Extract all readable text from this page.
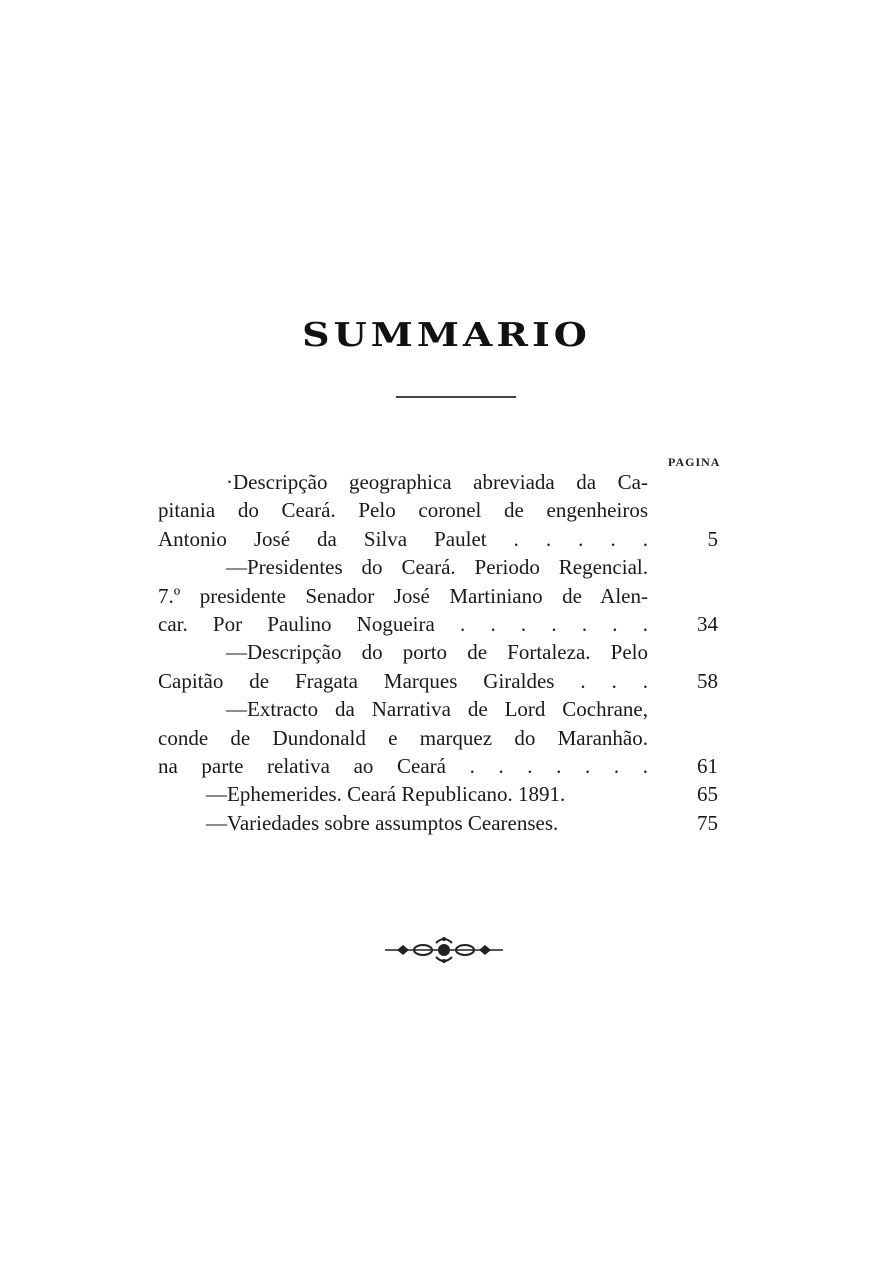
SUMMARIO
PAGINA
·Descripção geographica abreviada da Ca-
pitania do Ceará. Pelo coronel de engenheiros
Antonio José da Silva Paulet . . . . .	5
—Presidentes do Ceará. Periodo Regencial.
7.º presidente Senador José Martiniano de Alen-
car. Por Paulino Nogueira . . . . . . .	34
—Descripção do porto de Fortaleza. Pelo
Capitão de Fragata Marques Giraldes . . .	58
—Extracto da Narrativa de Lord Cochrane,
conde de Dundonald e marquez do Maranhão.
na parte relativa ao Ceará . . . . . . .	61
—Ephemerides. Ceará Republicano. 1891.	65
—Variedades sobre assumptos Cearenses.	75
